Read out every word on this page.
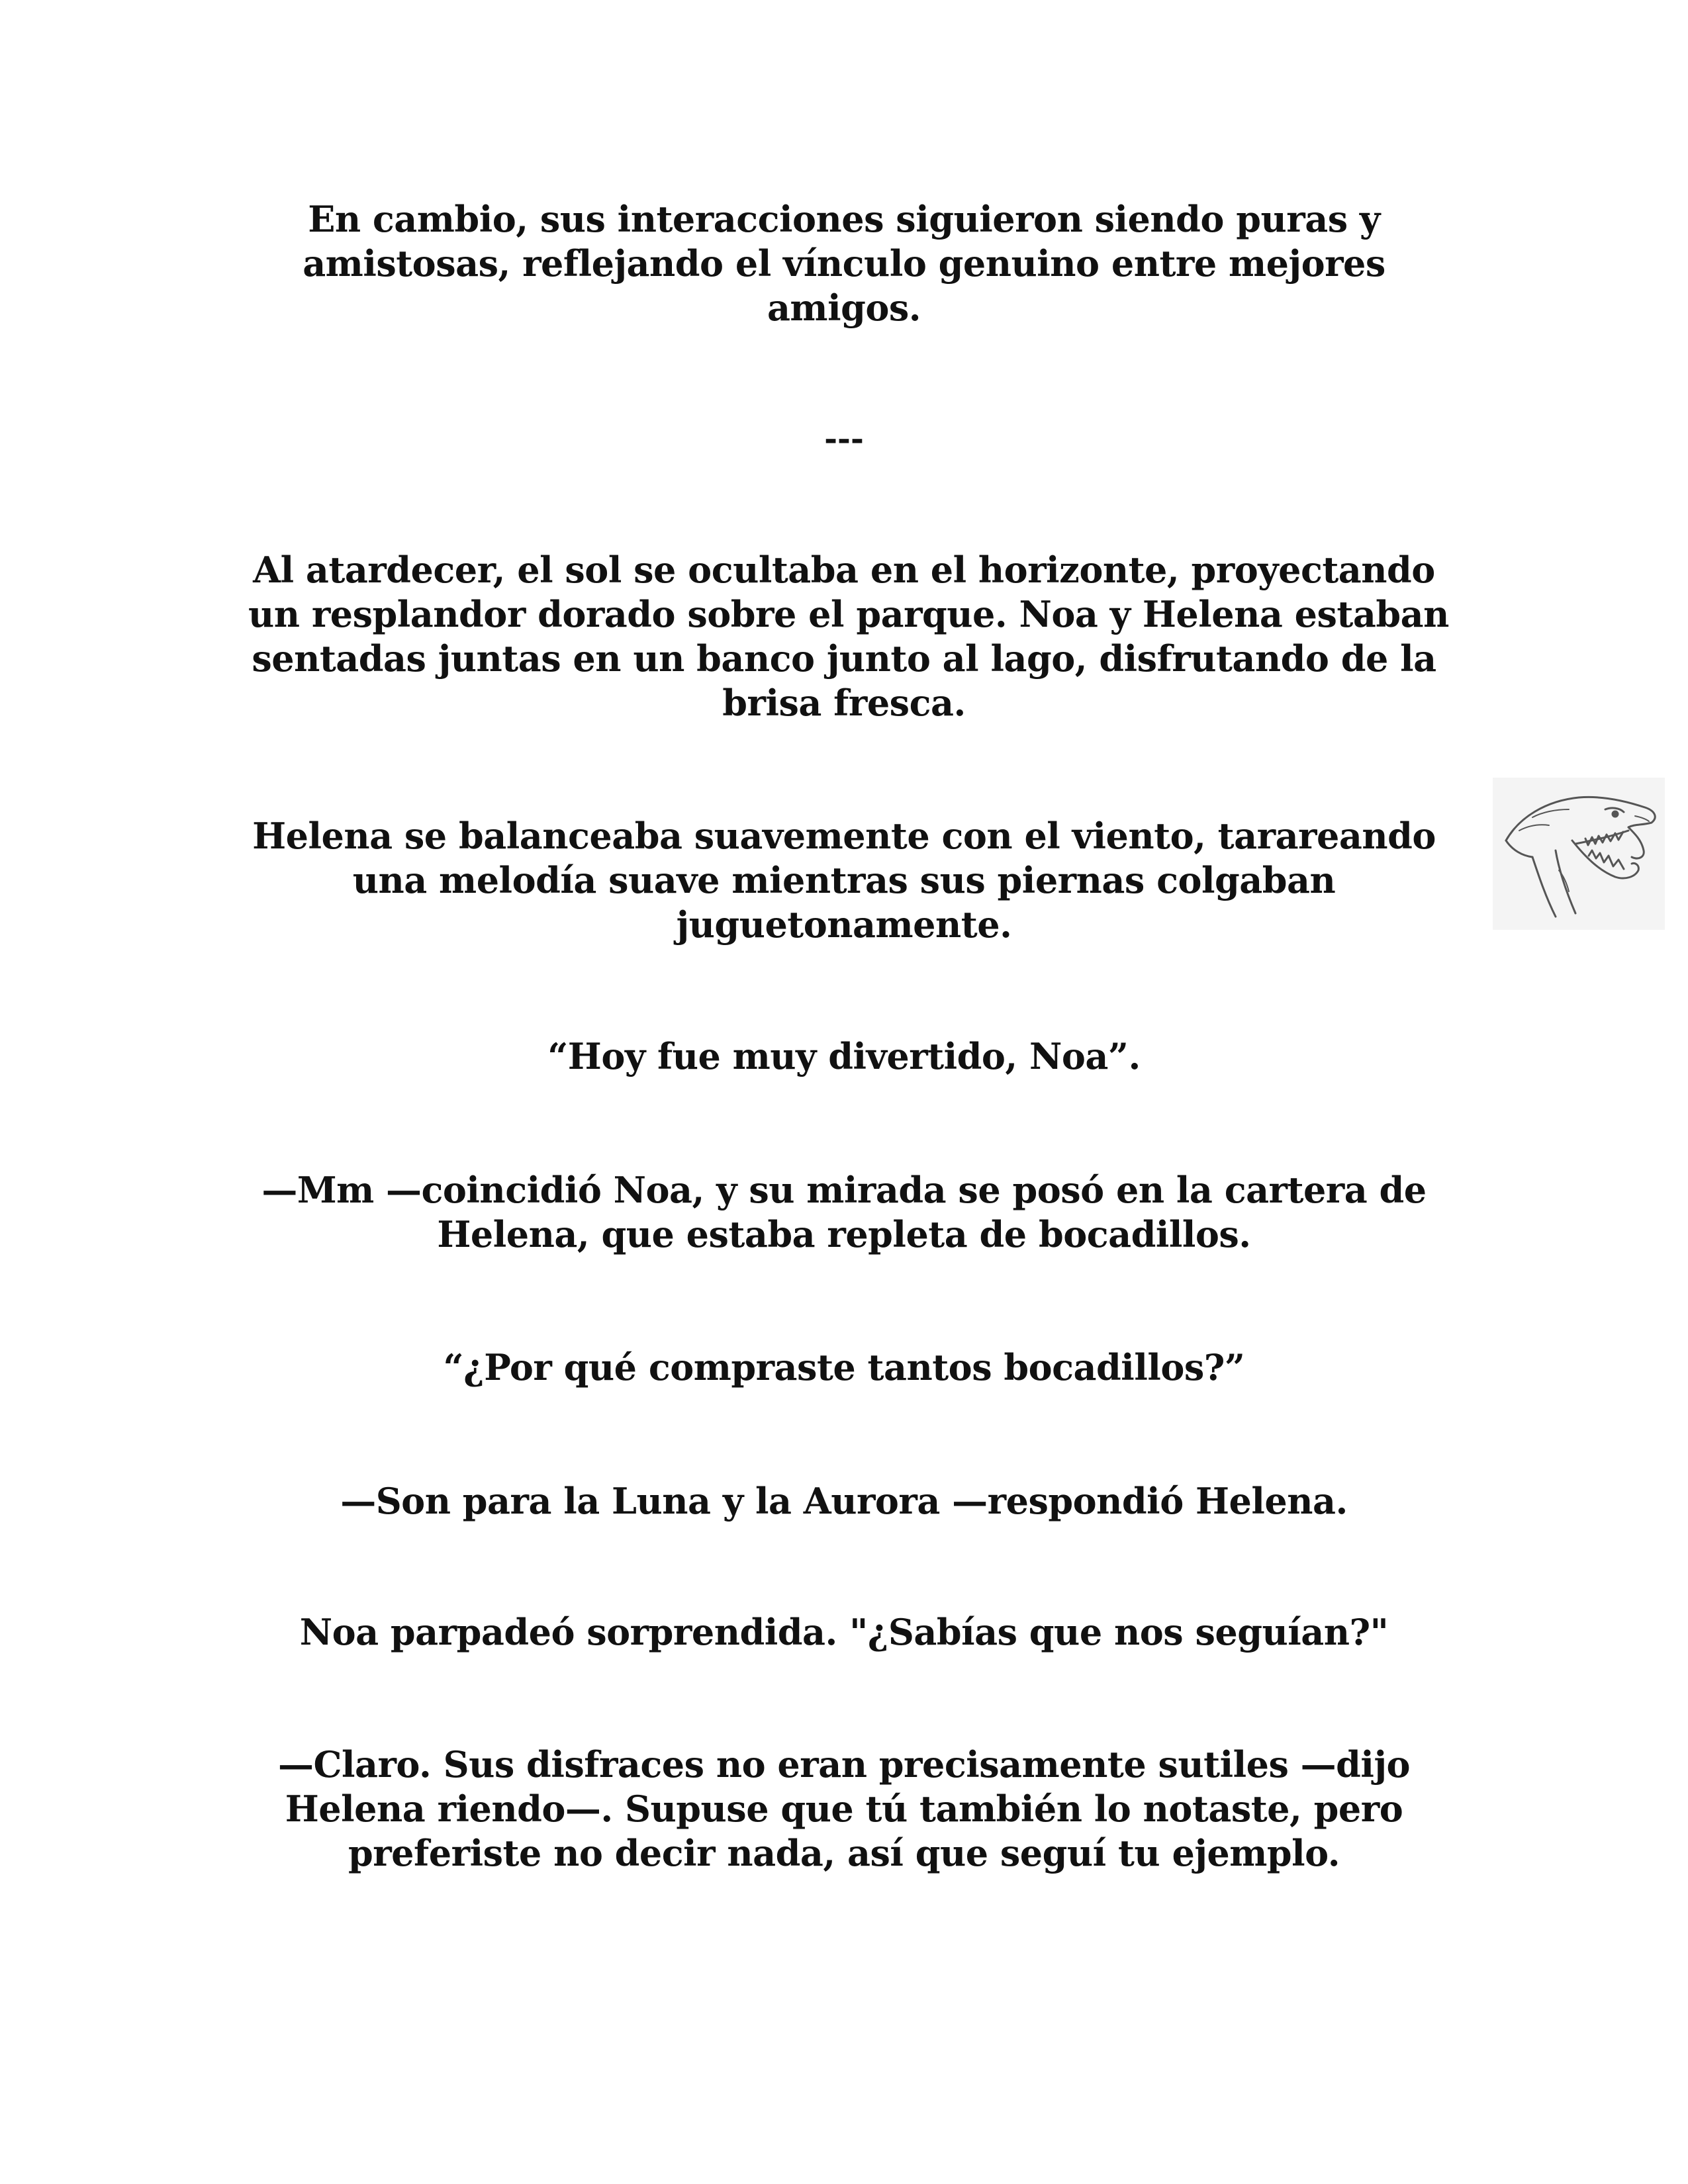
En cambio, sus interacciones siguieron siendo puras y
amistosas, reflejando el vínculo genuino entre mejores
amigos.

---

Al atardecer, el sol se ocultaba en el horizonte, proyectando
un resplandor dorado sobre el parque. Noa y Helena estaban
sentadas juntas en un banco junto al lago, disfrutando de la
brisa fresca.

Helena se balanceaba suavemente con el viento, tarareando
una melodía suave mientras sus piernas colgaban
juguetonamente.

“Hoy fue muy divertido, Noa”.

—Mm —coincidió Noa, y su mirada se posó en la cartera de
Helena, que estaba repleta de bocadillos.

“¿Por qué compraste tantos bocadillos?”

—Son para la Luna y la Aurora —respondió Helena.

Noa parpadeó sorprendida. "¿Sabías que nos seguían?"

—Claro. Sus disfraces no eran precisamente sutiles —dijo
Helena riendo—. Supuse que tú también lo notaste, pero
preferiste no decir nada, así que seguí tu ejemplo.
